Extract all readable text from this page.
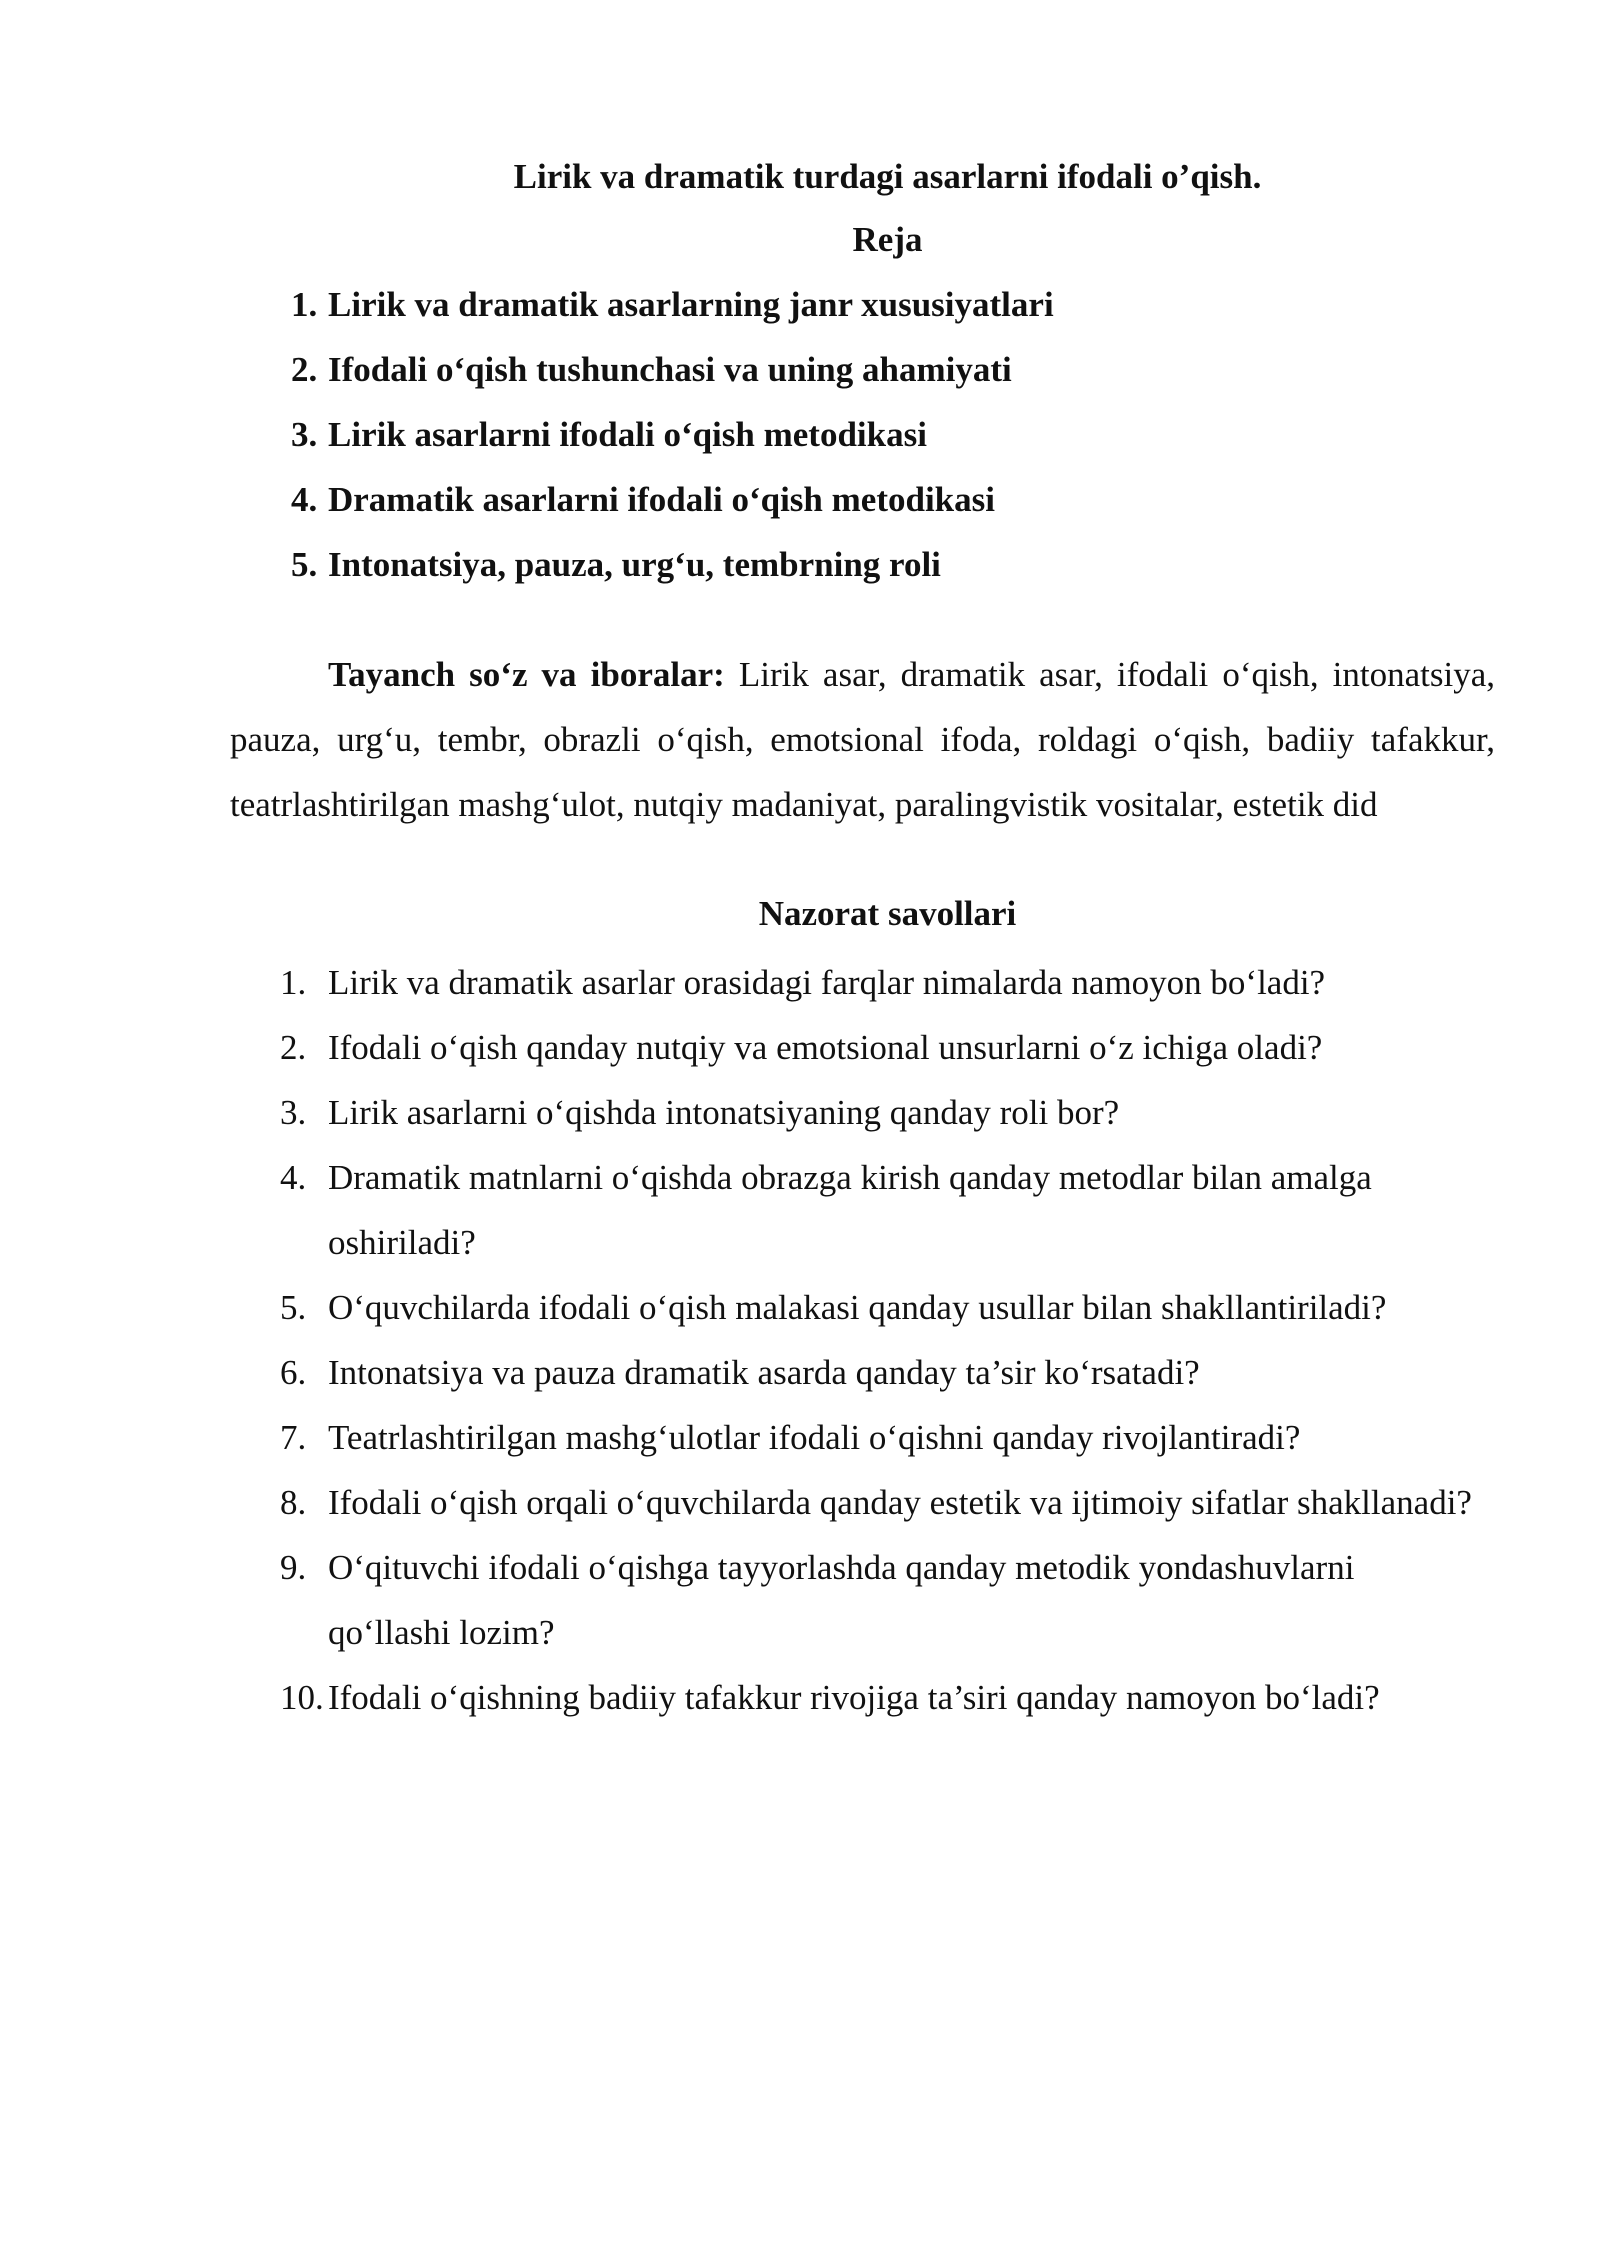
Lirik va dramatik turdagi asarlarni ifodali o’qish.

Reja

1. Lirik va dramatik asarlarning janr xususiyatlari
2. Ifodali o‘qish tushunchasi va uning ahamiyati
3. Lirik asarlarni ifodali o‘qish metodikasi
4. Dramatik asarlarni ifodali o‘qish metodikasi
5. Intonatsiya, pauza, urg‘u, tembrning roli

Tayanch so‘z va iboralar: Lirik asar, dramatik asar, ifodali o‘qish, intonatsiya, pauza, urg‘u, tembr, obrazli o‘qish, emotsional ifoda, roldagi o‘qish, badiiy tafakkur, teatrlashtirilgan mashg‘ulot, nutqiy madaniyat, paralingvistik vositalar, estetik did

Nazorat savollari

1. Lirik va dramatik asarlar orasidagi farqlar nimalarda namoyon bo‘ladi?
2. Ifodali o‘qish qanday nutqiy va emotsional unsurlarni o‘z ichiga oladi?
3. Lirik asarlarni o‘qishda intonatsiyaning qanday roli bor?
4. Dramatik matnlarni o‘qishda obrazga kirish qanday metodlar bilan amalga oshiriladi?
5. O‘quvchilarda ifodali o‘qish malakasi qanday usullar bilan shakllantiriladi?
6. Intonatsiya va pauza dramatik asarda qanday ta’sir ko‘rsatadi?
7. Teatrlashtirilgan mashg‘ulotlar ifodali o‘qishni qanday rivojlantiradi?
8. Ifodali o‘qish orqali o‘quvchilarda qanday estetik va ijtimoiy sifatlar shakllanadi?
9. O‘qituvchi ifodali o‘qishga tayyorlashda qanday metodik yondashuvlarni qo‘llashi lozim?
10. Ifodali o‘qishning badiiy tafakkur rivojiga ta’siri qanday namoyon bo‘ladi?
